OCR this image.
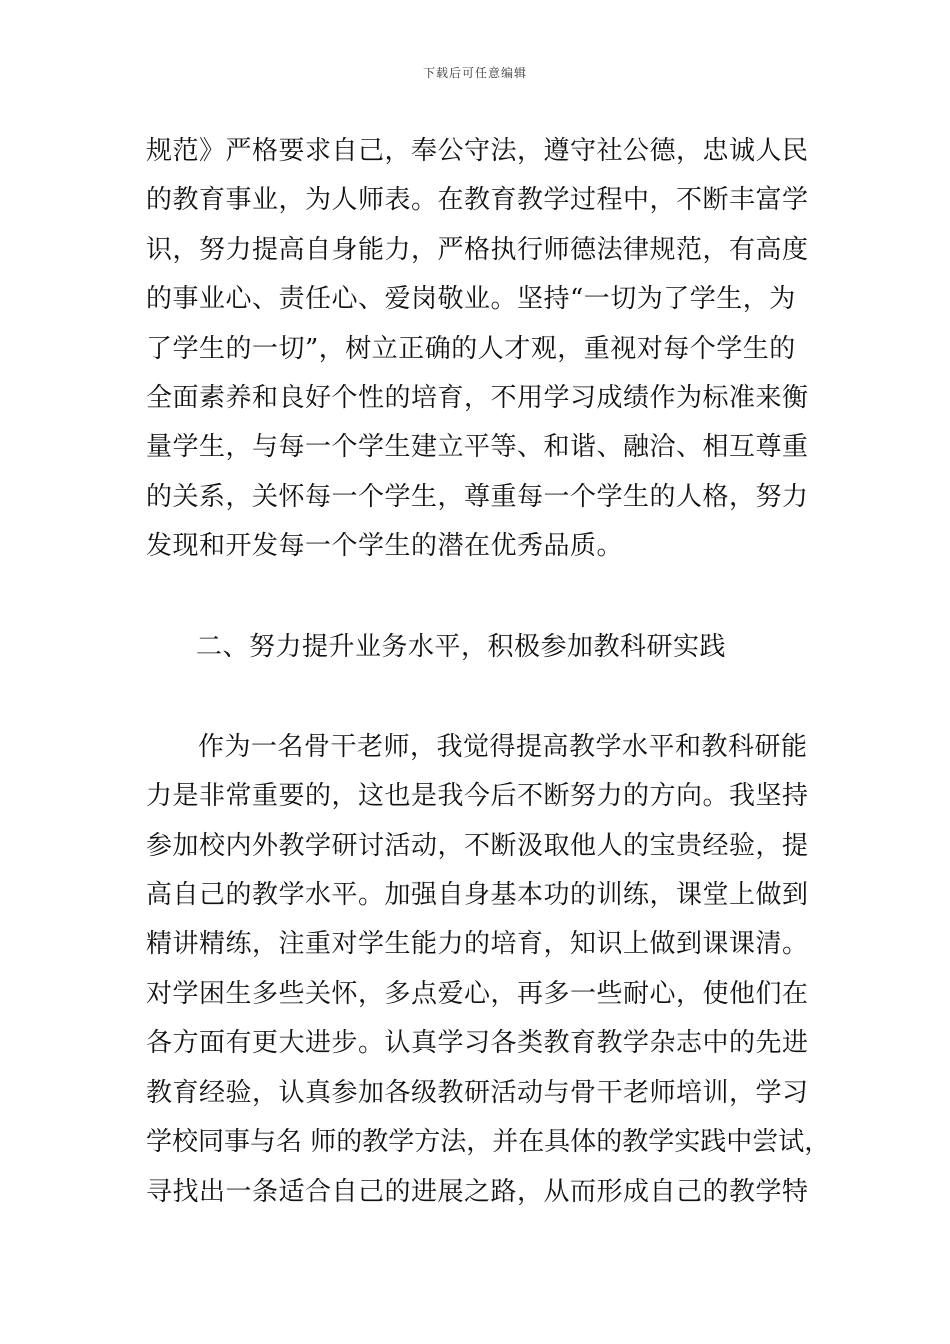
下载后可任意编辑
规范》严格要求自己，奉公守法，遵守社公德，忠诚人民
的教育事业，为人师表。在教育教学过程中，不断丰富学
识，努力提高自身能力，严格执行师德法律规范，有高度
的事业心、责任心、爱岗敬业。坚持“一切为了学生，为
了学生的一切”，树立正确的人才观，重视对每个学生的
全面素养和良好个性的培育，不用学习成绩作为标准来衡
量学生，与每一个学生建立平等、和谐、融洽、相互尊重
的关系，关怀每一个学生，尊重每一个学生的人格，努力
发现和开发每一个学生的潜在优秀品质。
二、努力提升业务水平，积极参加教科研实践
作为一名骨干老师，我觉得提高教学水平和教科研能
力是非常重要的，这也是我今后不断努力的方向。我坚持
参加校内外教学研讨活动，不断汲取他人的宝贵经验，提
高自己的教学水平。加强自身基本功的训练，课堂上做到
精讲精练，注重对学生能力的培育，知识上做到课课清。
对学困生多些关怀，多点爱心，再多一些耐心，使他们在
各方面有更大进步。认真学习各类教育教学杂志中的先进
教育经验，认真参加各级教研活动与骨干老师培训，学习
学校同事与名 师的教学方法，并在具体的教学实践中尝试，
寻找出一条适合自己的进展之路，从而形成自己的教学特
